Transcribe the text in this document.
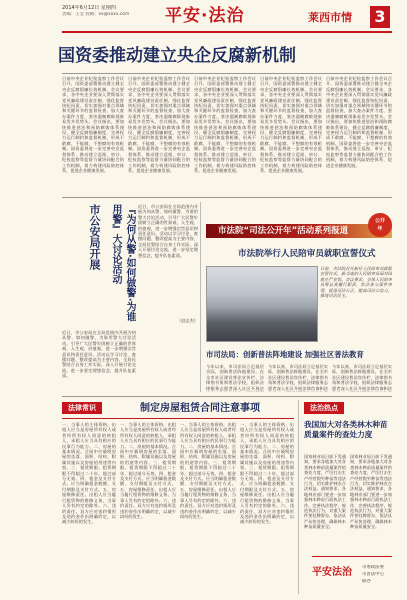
2014年6月12日 星期四
责编：王莹 投稿：xx@xxxx.com	平安·法治	莱西市情	3
国资委推动建立央企反腐新机制
日前中央企业纪检监察工作会议召开，国资委部署推动建立健全央企反腐倡廉长效机制。会议要求，各中央企业要深入贯彻落实党风廉政建设责任制，强化监督执纪问责，切实加强对重点领域和关键环节的监督检查，加大查办案件力度，坚决遏制腐败现象易发多发势头。会议指出，要加快推进惩治和预防腐败体系建设，健全反腐倡廉制度，完善权力运行制约和监督机制，形成不敢腐、不能腐、不想腐的有效机制。国资委将进一步完善央企监督体系，推动建立巡视、审计、纪检监察等监督力量协同配合的工作机制，着力构建风险防控体系，促进企业健康发展。
日前中央企业纪检监察工作会议召开，国资委部署推动建立健全央企反腐倡廉长效机制。会议要求，各中央企业要深入贯彻落实党风廉政建设责任制，强化监督执纪问责，切实加强对重点领域和关键环节的监督检查，加大查办案件力度，坚决遏制腐败现象易发多发势头。会议指出，要加快推进惩治和预防腐败体系建设，健全反腐倡廉制度，完善权力运行制约和监督机制，形成不敢腐、不能腐、不想腐的有效机制。国资委将进一步完善央企监督体系，推动建立巡视、审计、纪检监察等监督力量协同配合的工作机制，着力构建风险防控体系，促进企业健康发展。
日前中央企业纪检监察工作会议召开，国资委部署推动建立健全央企反腐倡廉长效机制。会议要求，各中央企业要深入贯彻落实党风廉政建设责任制，强化监督执纪问责，切实加强对重点领域和关键环节的监督检查，加大查办案件力度，坚决遏制腐败现象易发多发势头。会议指出，要加快推进惩治和预防腐败体系建设，健全反腐倡廉制度，完善权力运行制约和监督机制，形成不敢腐、不能腐、不想腐的有效机制。国资委将进一步完善央企监督体系，推动建立巡视、审计、纪检监察等监督力量协同配合的工作机制，着力构建风险防控体系，促进企业健康发展。
日前中央企业纪检监察工作会议召开，国资委部署推动建立健全央企反腐倡廉长效机制。会议要求，各中央企业要深入贯彻落实党风廉政建设责任制，强化监督执纪问责，切实加强对重点领域和关键环节的监督检查，加大查办案件力度，坚决遏制腐败现象易发多发势头。会议指出，要加快推进惩治和预防腐败体系建设，健全反腐倡廉制度，完善权力运行制约和监督机制，形成不敢腐、不能腐、不想腐的有效机制。国资委将进一步完善央企监督体系，推动建立巡视、审计、纪检监察等监督力量协同配合的工作机制，着力构建风险防控体系，促进企业健康发展。
日前中央企业纪检监察工作会议召开，国资委部署推动建立健全央企反腐倡廉长效机制。会议要求，各中央企业要深入贯彻落实党风廉政建设责任制，强化监督执纪问责，切实加强对重点领域和关键环节的监督检查，加大查办案件力度，坚决遏制腐败现象易发多发势头。会议指出，要加快推进惩治和预防腐败体系建设，健全反腐倡廉制度，完善权力运行制约和监督机制，形成不敢腐、不能腐、不想腐的有效机制。国资委将进一步完善央企监督体系，推动建立巡视、审计、纪检监察等监督力量协同配合的工作机制，着力构建风险防控体系，促进企业健康发展。
市公安局开展	『为何从警·如何做警·为谁用警』大讨论活动
近日，市公安局在全局范围内开展为何从警、如何做警、为谁用警大讨论活动，引导广大民警牢固树立正确的世界观、人生观、价值观，进一步增强宗旨意识和责任意识。活动以学习讨论、查摆问题、整改提高为主要内容，全局民警结合自身工作实际，深入开展讨论交流，进一步坚定理想信念，提升队伍素质。
近日，市公安局在全局范围内开展为何从警、如何做警、为谁用警大讨论活动，引导广大民警牢固树立正确的世界观、人生观、价值观，进一步增强宗旨意识和责任意识。活动以学习讨论、查摆问题、整改提高为主要内容，全局民警结合自身工作实际，深入开展讨论交流，进一步坚定理想信念，提升队伍素质。
（赵志杰）
市法院“司法公开年”活动系列报道
公开
年
市法院举行人民陪审员就职宣誓仪式
日前，市法院召开新任人民陪审员就职宣誓仪式，新当选的人民陪审员面对国旗庄严宣誓。会议要求，全体人民陪审员要认真履行职责，依法参与案件审理，促进司法公正，提高司法公信力，推进司法民主。
市司法局：创新普法阵地建设 加强社区普法教育
今年以来，市司法局立足基层实际，创新普法阵地建设，在全市社区建设普法宣传栏、法律图书角和普法学校，组织法律服务志愿者深入社区开展法
今年以来，市司法局立足基层实际，创新普法阵地建设，在全市社区建设普法宣传栏、法律图书角和普法学校，组织法律服务志愿者深入社区开展法律咨询和法
今年以来，市司法局立足基层实际，创新普法阵地建设，在全市社区建设普法宣传栏、法律图书角和普法学校，组织法律服务志愿者深入社区开展法律咨询和法
法律常识	制定房屋租赁合同注意事项
一、当事人的主体资格。出租人应当是房屋所有权人或者经所有权人同意的转租人，承租人应当具有相应的民事行为能力。二、房屋的基本情况。合同中应载明房屋的坐落、面积、结构、附属设施以及房屋的用途等内容。三、租赁期限。租赁期限不得超过二十年，超过部分无效。四、租金及支付方式。应当明确租金数额、支付期限及支付方式。五、房屋维修责任。出租人应当履行租赁物的维修义务，当事人另有约定的除外。六、违约责任。双方应对违约情形及违约金作出明确约定，以减少纠纷的发生。
一、当事人的主体资格。出租人应当是房屋所有权人或者经所有权人同意的转租人，承租人应当具有相应的民事行为能力。二、房屋的基本情况。合同中应载明房屋的坐落、面积、结构、附属设施以及房屋的用途等内容。三、租赁期限。租赁期限不得超过二十年，超过部分无效。四、租金及支付方式。应当明确租金数额、支付期限及支付方式。五、房屋维修责任。出租人应当履行租赁物的维修义务，当事人另有约定的除外。六、违约责任。双方应对违约情形及违约金作出明确约定，以减少纠纷的发生。
一、当事人的主体资格。出租人应当是房屋所有权人或者经所有权人同意的转租人，承租人应当具有相应的民事行为能力。二、房屋的基本情况。合同中应载明房屋的坐落、面积、结构、附属设施以及房屋的用途等内容。三、租赁期限。租赁期限不得超过二十年，超过部分无效。四、租金及支付方式。应当明确租金数额、支付期限及支付方式。五、房屋维修责任。出租人应当履行租赁物的维修义务，当事人另有约定的除外。六、违约责任。双方应对违约情形及违约金作出明确约定，以减少纠纷的发生。
一、当事人的主体资格。出租人应当是房屋所有权人或者经所有权人同意的转租人，承租人应当具有相应的民事行为能力。二、房屋的基本情况。合同中应载明房屋的坐落、面积、结构、附属设施以及房屋的用途等内容。三、租赁期限。租赁期限不得超过二十年，超过部分无效。四、租金及支付方式。应当明确租金数额、支付期限及支付方式。五、房屋维修责任。出租人应当履行租赁物的维修义务，当事人另有约定的除外。六、违约责任。双方应对违约情形及违约金作出明确约定，以减少纠纷的发生。
法治热点
我国加大对各类林木种苗质量案件的查处力度
国家林业局日前下发通知，要求各地加大对各类林木种苗质量案件的查处力度，严厉打击生产经营假劣种苗等违法行为，切实维护林农合法权益。通知要求，各地林业部门要进一步加强林木种苗行政执法工作，完善执法程序，规范执法行为，对重大案件要挂牌督办，依法从严从快处理，确保林木种苗质量安全。
国家林业局日前下发通知，要求各地加大对各类林木种苗质量案件的查处力度，严厉打击生产经营假劣种苗等违法行为，切实维护林农合法权益。通知要求，各地林业部门要进一步加强林木种苗行政执法工作，完善执法程序，规范执法行为，对重大案件要挂牌督办，依法从严从快处理，确保林木种苗质量安全。
平安法治	市委政法委
市普法中心
联办
